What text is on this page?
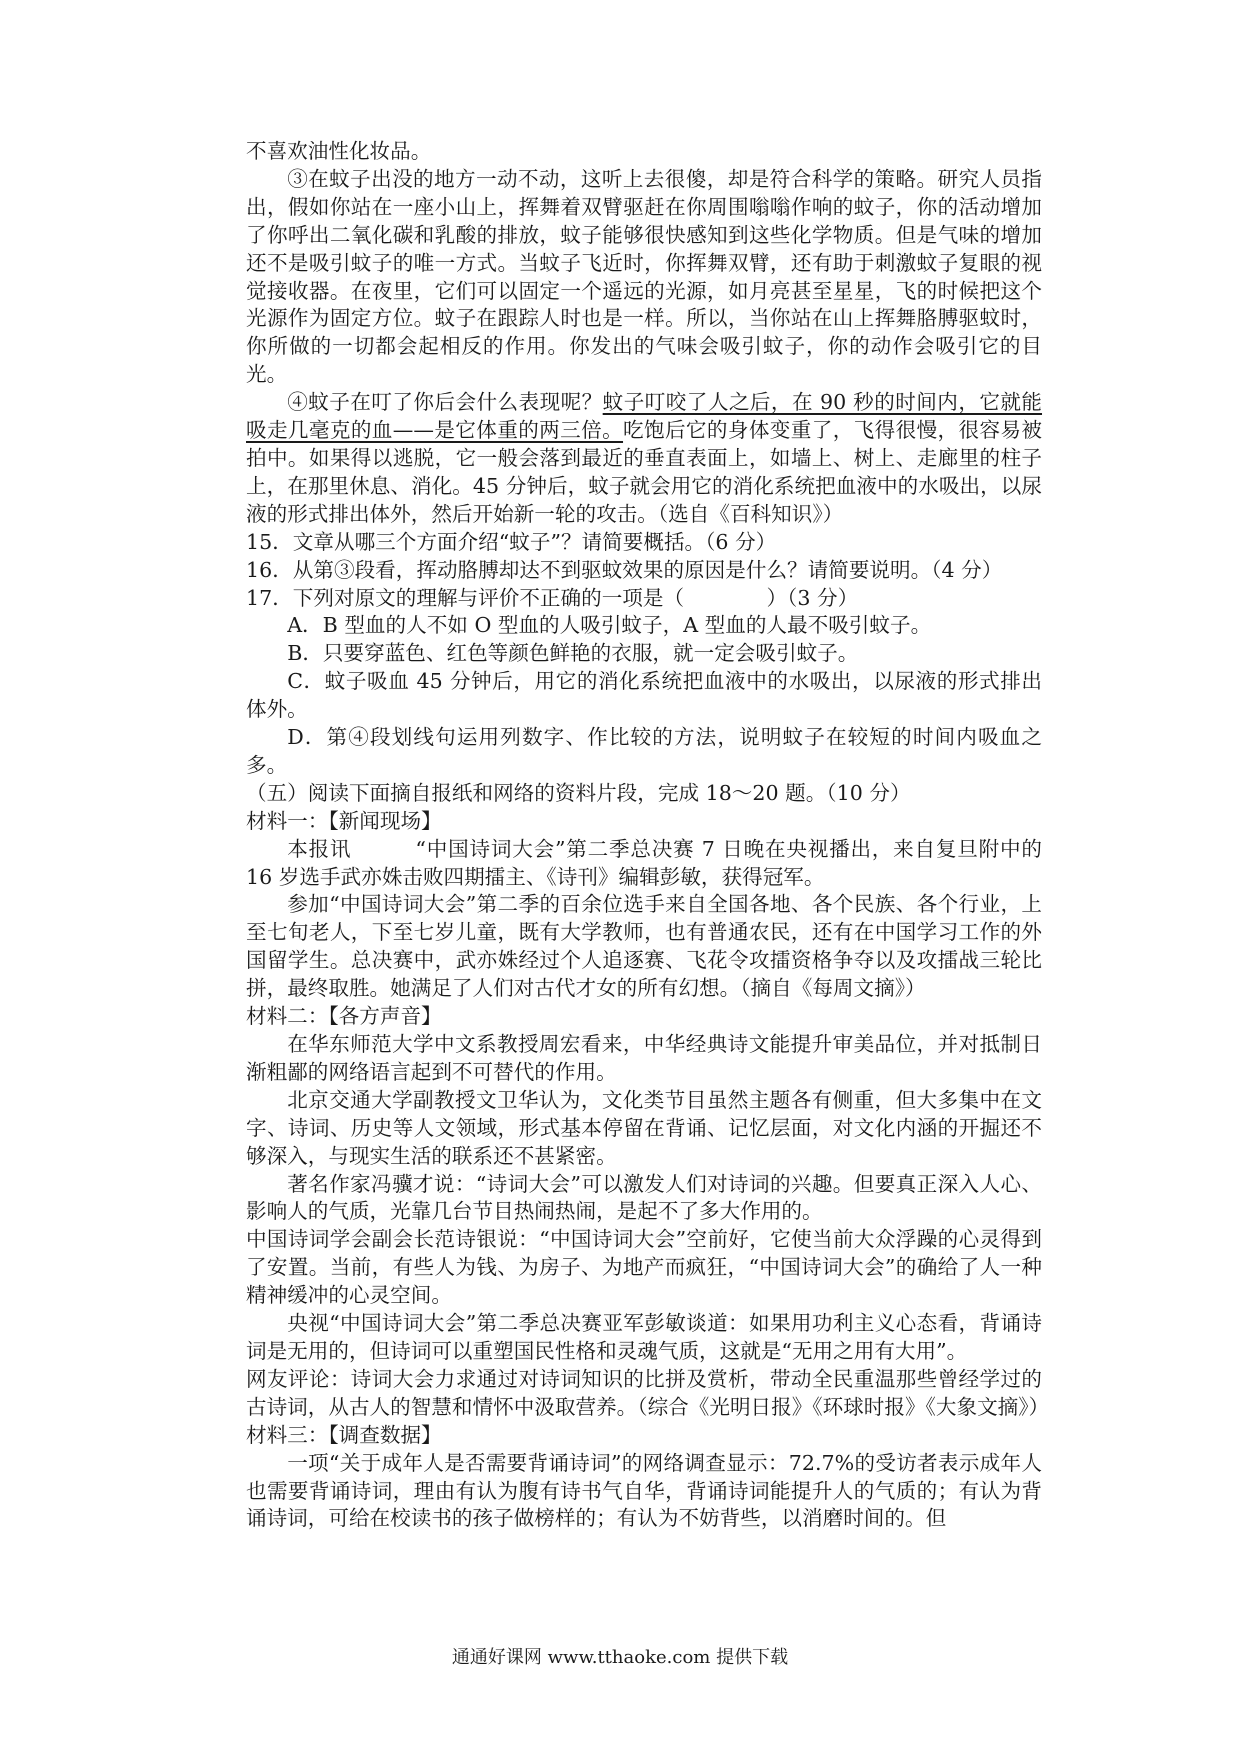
不喜欢油性化妆品。

③在蚊子出没的地方一动不动，这听上去很傻，却是符合科学的策略。研究人员指出，假如你站在一座小山上，挥舞着双臂驱赶在你周围嗡嗡作响的蚊子，你的活动增加了你呼出二氧化碳和乳酸的排放，蚊子能够很快感知到这些化学物质。但是气味的增加还不是吸引蚊子的唯一方式。当蚊子飞近时，你挥舞双臂，还有助于刺激蚊子复眼的视觉接收器。在夜里，它们可以固定一个遥远的光源，如月亮甚至星星，飞的时候把这个光源作为固定方位。蚊子在跟踪人时也是一样。所以，当你站在山上挥舞胳膊驱蚊时，你所做的一切都会起相反的作用。你发出的气味会吸引蚊子，你的动作会吸引它的目光。

④蚊子在叮了你后会什么表现呢？蚊子叮咬了人之后，在 90 秒的时间内，它就能吸走几毫克的血——是它体重的两三倍。吃饱后它的身体变重了，飞得很慢，很容易被拍中。如果得以逃脱，它一般会落到最近的垂直表面上，如墙上、树上、走廊里的柱子上，在那里休息、消化。45 分钟后，蚊子就会用它的消化系统把血液中的水吸出，以尿液的形式排出体外，然后开始新一轮的攻击。（选自《百科知识》）

15．文章从哪三个方面介绍“蚊子”？请简要概括。（6 分）

16．从第③段看，挥动胳膊却达不到驱蚊效果的原因是什么？请简要说明。（4 分）

17．下列对原文的理解与评价不正确的一项是（　　　　）（3 分）

A．B 型血的人不如 O 型血的人吸引蚊子，A 型血的人最不吸引蚊子。

B．只要穿蓝色、红色等颜色鲜艳的衣服，就一定会吸引蚊子。

C．蚊子吸血 45 分钟后，用它的消化系统把血液中的水吸出，以尿液的形式排出体外。

D．第④段划线句运用列数字、作比较的方法，说明蚊子在较短的时间内吸血之多。

（五）阅读下面摘自报纸和网络的资料片段，完成 18～20 题。（10 分）

材料一：【新闻现场】

本报讯　　　“中国诗词大会”第二季总决赛 7 日晚在央视播出，来自复旦附中的 16 岁选手武亦姝击败四期擂主、《诗刊》编辑彭敏，获得冠军。

参加“中国诗词大会”第二季的百余位选手来自全国各地、各个民族、各个行业，上至七旬老人，下至七岁儿童，既有大学教师，也有普通农民，还有在中国学习工作的外国留学生。总决赛中，武亦姝经过个人追逐赛、飞花令攻擂资格争夺以及攻擂战三轮比拼，最终取胜。她满足了人们对古代才女的所有幻想。（摘自《每周文摘》）

材料二：【各方声音】

在华东师范大学中文系教授周宏看来，中华经典诗文能提升审美品位，并对抵制日渐粗鄙的网络语言起到不可替代的作用。

北京交通大学副教授文卫华认为，文化类节目虽然主题各有侧重，但大多集中在文字、诗词、历史等人文领域，形式基本停留在背诵、记忆层面，对文化内涵的开掘还不够深入，与现实生活的联系还不甚紧密。

著名作家冯骥才说：“诗词大会”可以激发人们对诗词的兴趣。但要真正深入人心、影响人的气质，光靠几台节目热闹热闹，是起不了多大作用的。

中国诗词学会副会长范诗银说：“中国诗词大会”空前好，它使当前大众浮躁的心灵得到了安置。当前，有些人为钱、为房子、为地产而疯狂，“中国诗词大会”的确给了人一种精神缓冲的心灵空间。

央视“中国诗词大会”第二季总决赛亚军彭敏谈道：如果用功利主义心态看，背诵诗词是无用的，但诗词可以重塑国民性格和灵魂气质，这就是“无用之用有大用”。

网友评论：诗词大会力求通过对诗词知识的比拼及赏析，带动全民重温那些曾经学过的古诗词，从古人的智慧和情怀中汲取营养。（综合《光明日报》《环球时报》《大象文摘》）

材料三：【调查数据】

一项“关于成年人是否需要背诵诗词”的网络调查显示：72.7%的受访者表示成年人也需要背诵诗词，理由有认为腹有诗书气自华，背诵诗词能提升人的气质的；有认为背诵诗词，可给在校读书的孩子做榜样的；有认为不妨背些，以消磨时间的。但

通通好课网 www.tthaoke.com 提供下载
